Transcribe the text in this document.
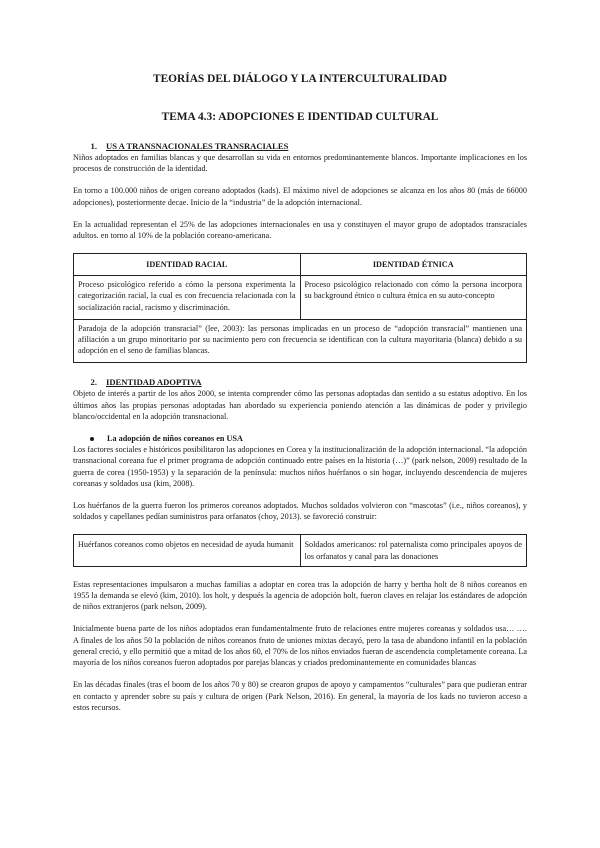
TEORÍAS DEL DIÁLOGO Y LA INTERCULTURALIDAD
TEMA 4.3: ADOPCIONES E IDENTIDAD CULTURAL
1. US A TRANSNACIONALES TRANSRACIALES

Niños adoptados en familias blancas y que desarrollan su vida en entornos predominantemente blancos. Importante implicaciones en los procesos de construcción de la identidad.

En torno a 100.000 niños de origen coreano adoptados (kads). El máximo nivel de adopciones se alcanza en los años 80 (más de 66000 adopciones), posteriormente decae. Inicio de la “industria” de la adopción internacional.

En la actualidad representan el 25% de las adopciones internacionales en usa y constituyen el mayor grupo de adoptados transraciales adultos. en torno al 10% de la población coreano-americana.

IDENTIDAD RACIAL	IDENTIDAD ÉTNICA
Proceso psicológico referido a cómo la persona experimenta la categorización racial, la cual es con frecuencia relacionada con la socialización racial, racismo y discriminación.	Proceso psicológico relacionado con cómo la persona incorpora su background étnico o cultura étnica en su auto-concepto
Paradoja de la adopción transracial” (lee, 2003): las personas implicadas en un proceso de “adopción transracial” mantienen una afiliación a un grupo minoritario por su nacimiento pero con frecuencia se identifican con la cultura mayoritaria (blanca) debido a su adopción en el seno de familias blancas.	
2. IDENTIDAD ADOPTIVA

Objeto de interés a partir de los años 2000, se intenta comprender cómo las personas adoptadas dan sentido a su estatus adoptivo. En los últimos años las propias personas adoptadas han abordado su experiencia poniendo atención a las dinámicas de poder y privilegio blanco/occidental en la adopción transnacional.

La adopción de niños coreanos en USA

Los factores sociales e históricos posibilitaron las adopciones en Corea y la institucionalización de la adopción internacional. “la adopción transnacional coreana fue el primer programa de adopción continuado entre países en la historia (…)” (park nelson, 2009) resultado de la guerra de corea (1950-1953) y la separación de la península: muchos niños huérfanos o sin hogar, incluyendo descendencia de mujeres coreanas y soldados usa (kim, 2008).

Los huérfanos de la guerra fueron los primeros coreanos adoptados. Muchos soldados volvieron con “mascotas” (i.e., niños coreanos), y soldados y capellanes pedían suministros para orfanatos (choy, 2013). se favoreció construir:

Huérfanos coreanos como objetos en necesidad de ayuda humanit	Soldados americanos: rol paternalista como principales apoyos de los orfanatos y canal para las donaciones

Estas representaciones impulsaron a muchas familias a adoptar en corea tras la adopción de harry y bertha holt de 8 niños coreanos en 1955 la demanda se elevó (kim, 2010). los holt, y después la agencia de adopción holt, fueron claves en relajar los estándares de adopción de niños extranjeros (park nelson, 2009).

Inicialmente buena parte de los niños adoptados eran fundamentalmente fruto de relaciones entre mujeres coreanas y soldados usa… …. A finales de los años 50 la población de niños coreanos fruto de uniones mixtas decayó, pero la tasa de abandono infantil en la población general creció, y ello permitió que a mitad de los años 60, el 70% de los niños enviados fueran de ascendencia completamente coreana. La mayoría de los niños coreanos fueron adoptados por parejas blancas y criados predominantemente en comunidades blancas

En las décadas finales (tras el boom de los años 70 y 80) se crearon grupos de apoyo y campamentos “culturales” para que pudieran entrar en contacto y aprender sobre su país y cultura de origen (Park Nelson, 2016). En general, la mayoría de los kads no tuvieron acceso a estos recursos.
